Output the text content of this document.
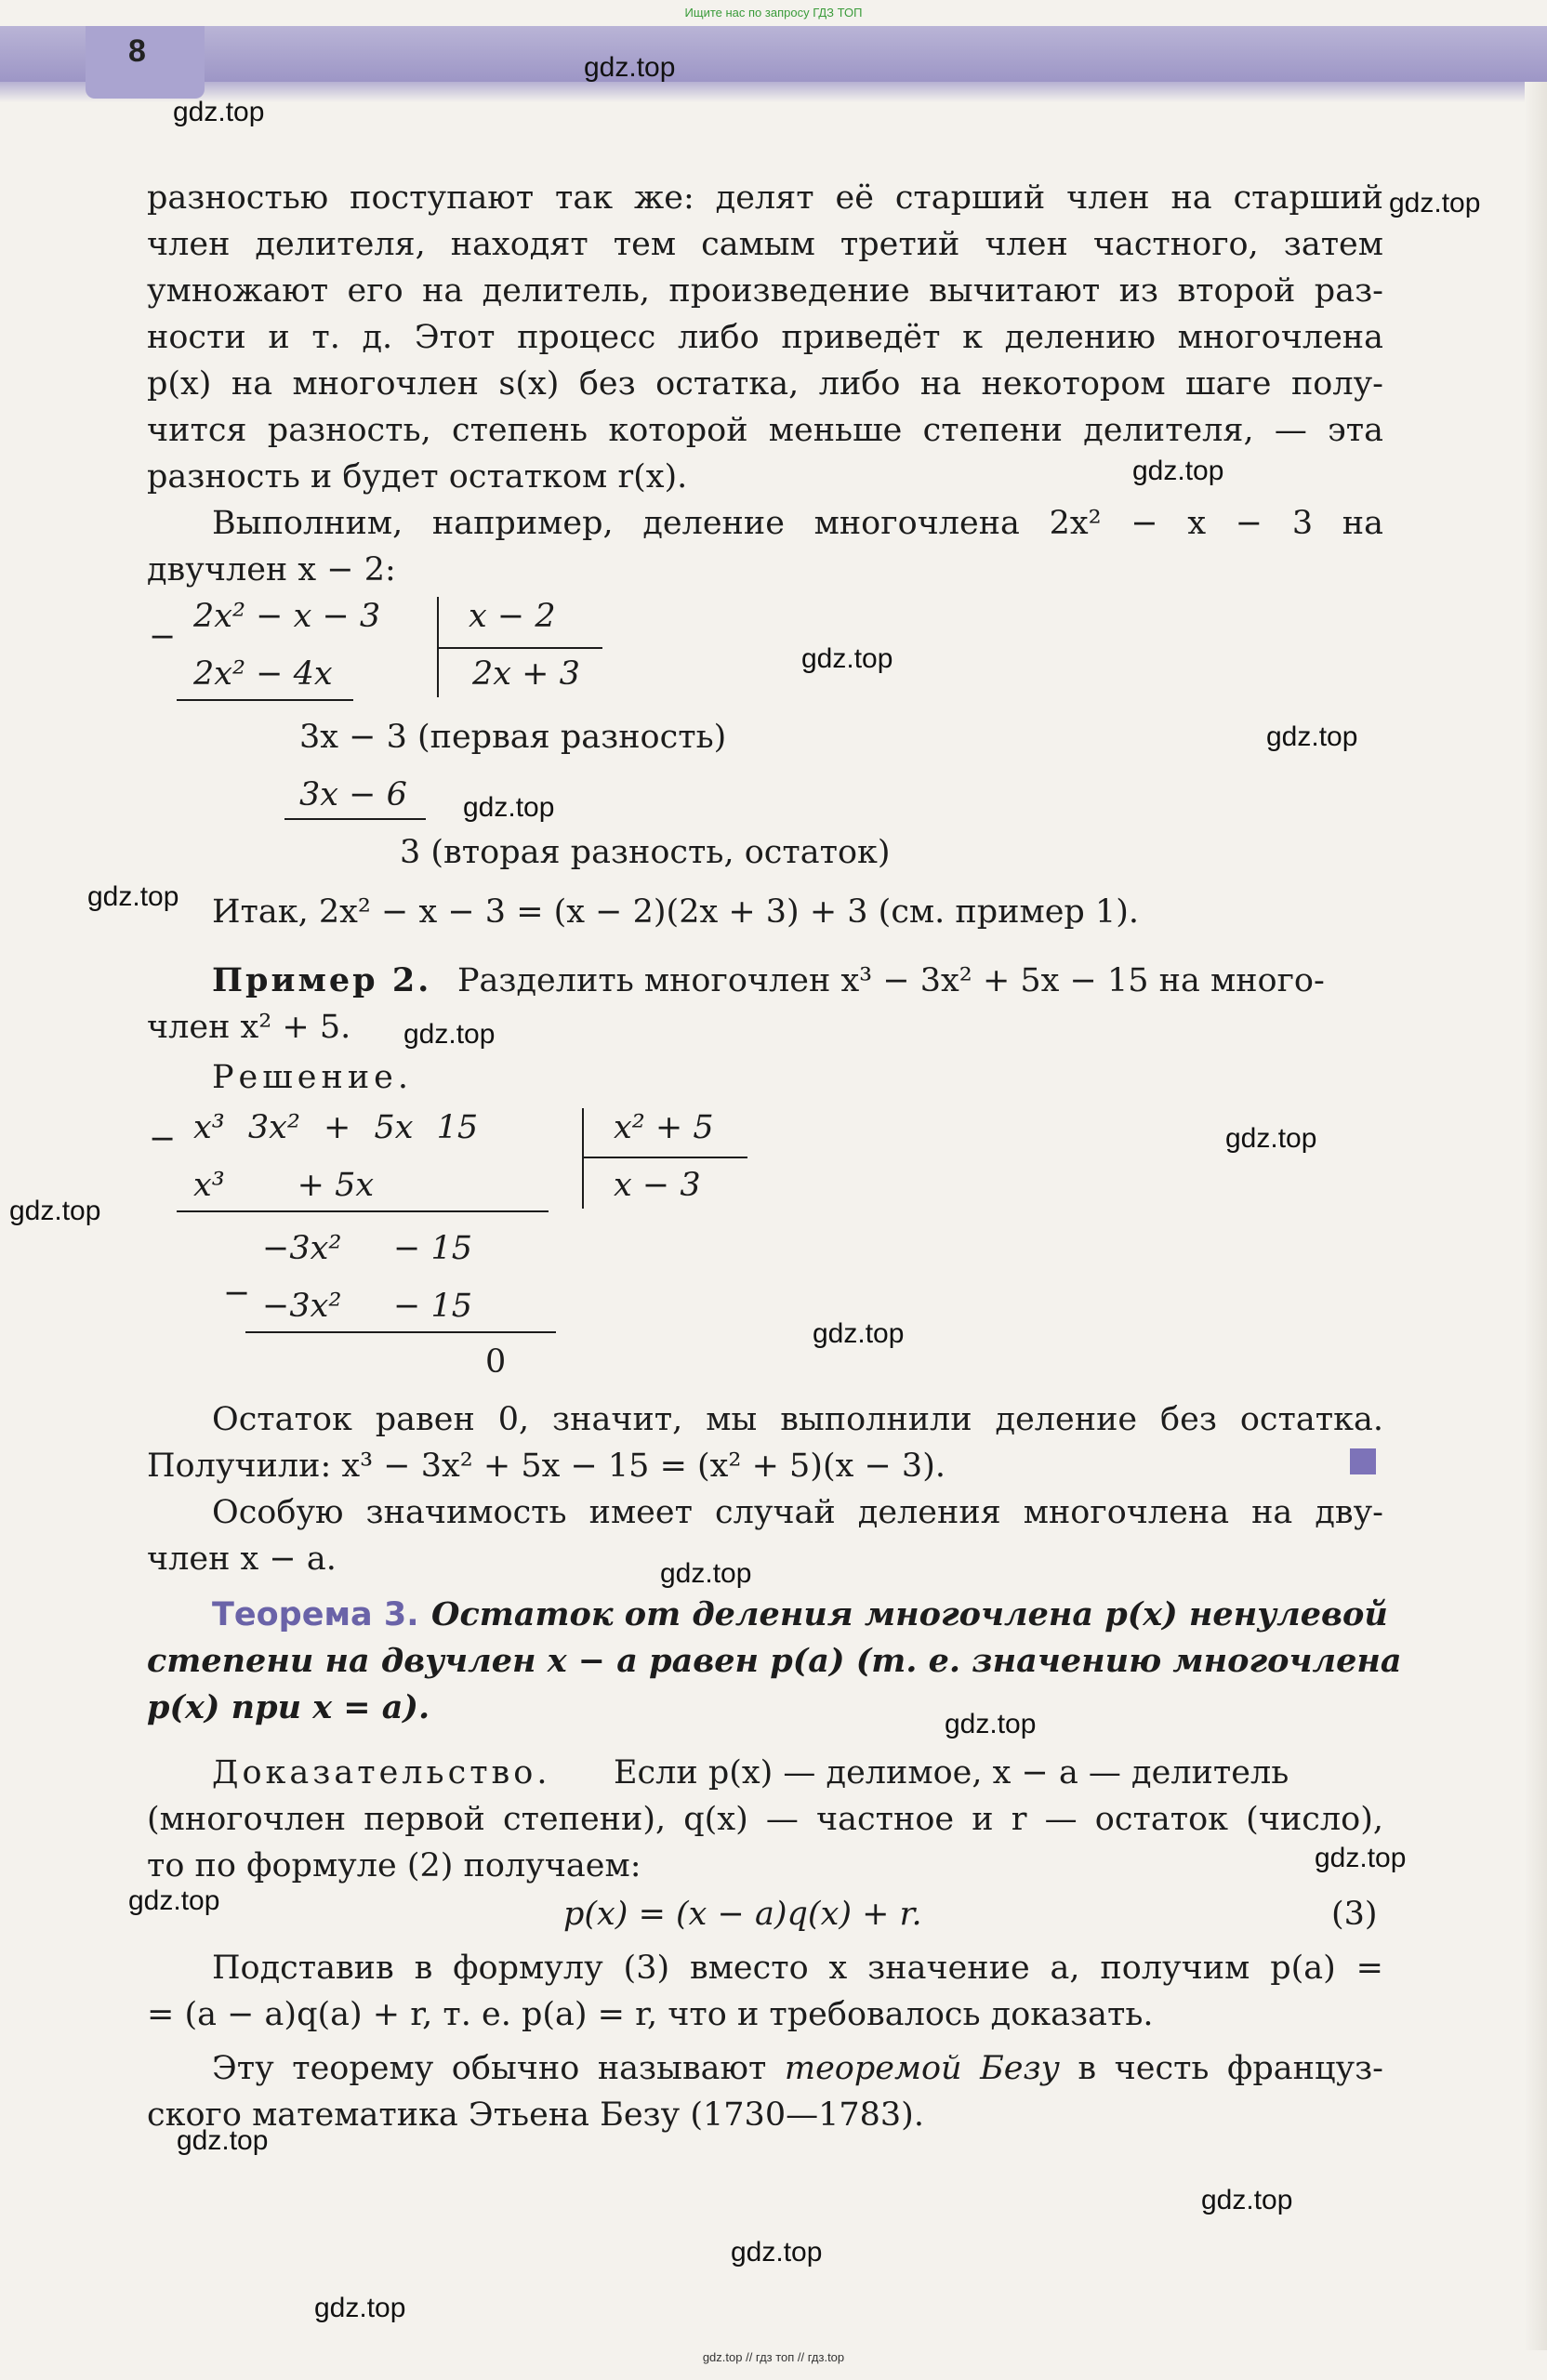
Ищите нас по запросу ГДЗ ТОП
8	gdz.top
gdz.top
gdz.top
gdz.top
gdz.top
gdz.top
gdz.top
gdz.top
gdz.top
gdz.top
gdz.top
gdz.top
gdz.top
gdz.top
gdz.top
gdz.top
gdz.top
gdz.top
gdz.top
gdz.top
разностью поступают так же: делят её старший член на старший
член делителя, находят тем самым третий член частного, затем
умножают его на делитель, произведение вычитают из второй раз-
ности и т. д. Этот процесс либо приведёт к делению многочлена
p(x) на многочлен s(x) без остатка, либо на некотором шаге полу-
чится разность, степень которой меньше степени делителя, — эта
разность и будет остатком r(x).
Выполним, например, деление многочлена 2x² − x − 3 на
двучлен x − 2:
−
2x² − x − 3	x − 2
2x² − 4x	2x + 3
3x − 3 (первая разность)
3x − 6
3 (вторая разность, остаток)
Итак, 2x² − x − 3 = (x − 2)(2x + 3) + 3 (см. пример 1).
Пример 2. Разделить многочлен x³ − 3x² + 5x − 15 на много-
член x² + 5.
Решение.
− x³ 3x² + 5x 15	x² + 5
x³       + 5x	x − 3
−3x²     − 15
− −3x²     − 15
0
Остаток равен 0, значит, мы выполнили деление без остатка.
Получили: x³ − 3x² + 5x − 15 = (x² + 5)(x − 3).
Особую значимость имеет случай деления многочлена на дву-
член x − a.
Теорема 3. Остаток от деления многочлена p(x) ненулевой
степени на двучлен x − a равен p(a) (т. е. значению многочлена
p(x) при x = a).
Доказательство. Если p(x) — делимое, x − a — делитель
(многочлен первой степени), q(x) — частное и r — остаток (число),
то по формуле (2) получаем:
p(x) = (x − a)q(x) + r.	(3)
Подставив в формулу (3) вместо x значение a, получим p(a) =
= (a − a)q(a) + r, т. е. p(a) = r, что и требовалось доказать.
Эту теорему обычно называют теоремой Безу в честь француз-
ского математика Этьена Безу (1730—1783).
gdz.top // гдз топ // гдз.top
